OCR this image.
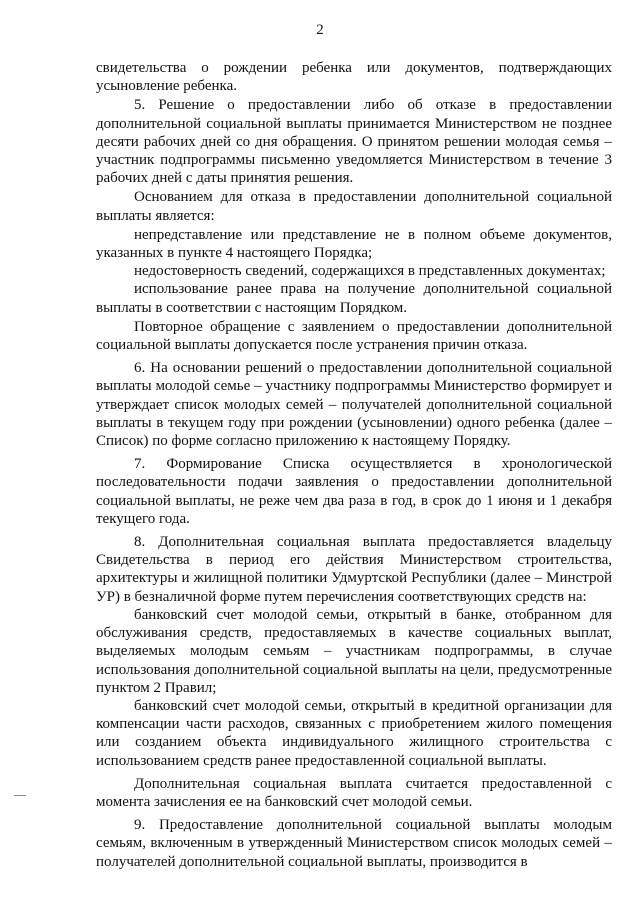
2

свидетельства о рождении ребенка или документов, подтверждающих усыновление ребенка.

5. Решение о предоставлении либо об отказе в предоставлении дополнительной социальной выплаты принимается Министерством не позднее десяти рабочих дней со дня обращения. О принятом решении молодая семья – участник подпрограммы письменно уведомляется Министерством в течение 3 рабочих дней с даты принятия решения.

Основанием для отказа в предоставлении дополнительной социальной выплаты является:

непредставление или представление не в полном объеме документов, указанных в пункте 4 настоящего Порядка;

недостоверность сведений, содержащихся в представленных документах;

использование ранее права на получение дополнительной социальной выплаты в соответствии с настоящим Порядком.

Повторное обращение с заявлением о предоставлении дополнительной социальной выплаты допускается после устранения причин отказа.

6. На основании решений о предоставлении дополнительной социальной выплаты молодой семье – участнику подпрограммы Министерство формирует и утверждает список молодых семей – получателей дополнительной социальной выплаты в текущем году при рождении (усыновлении) одного ребенка (далее – Список) по форме согласно приложению к настоящему Порядку.

7. Формирование Списка осуществляется в хронологической последовательности подачи заявления о предоставлении дополнительной социальной выплаты, не реже чем два раза в год, в срок до 1 июня и 1 декабря текущего года.

8. Дополнительная социальная выплата предоставляется владельцу Свидетельства в период его действия Министерством строительства, архитектуры и жилищной политики Удмуртской Республики (далее – Минстрой УР) в безналичной форме путем перечисления соответствующих средств на:

банковский счет молодой семьи, открытый в банке, отобранном для обслуживания средств, предоставляемых в качестве социальных выплат, выделяемых молодым семьям – участникам подпрограммы, в случае использования дополнительной социальной выплаты на цели, предусмотренные пунктом 2 Правил;

банковский счет молодой семьи, открытый в кредитной организации для компенсации части расходов, связанных с приобретением жилого помещения или созданием объекта индивидуального жилищного строительства с использованием средств ранее предоставленной социальной выплаты.

Дополнительная социальная выплата считается предоставленной с момента зачисления ее на банковский счет молодой семьи.

9. Предоставление дополнительной социальной выплаты молодым семьям, включенным в утвержденный Министерством список молодых семей – получателей дополнительной социальной выплаты, производится в
